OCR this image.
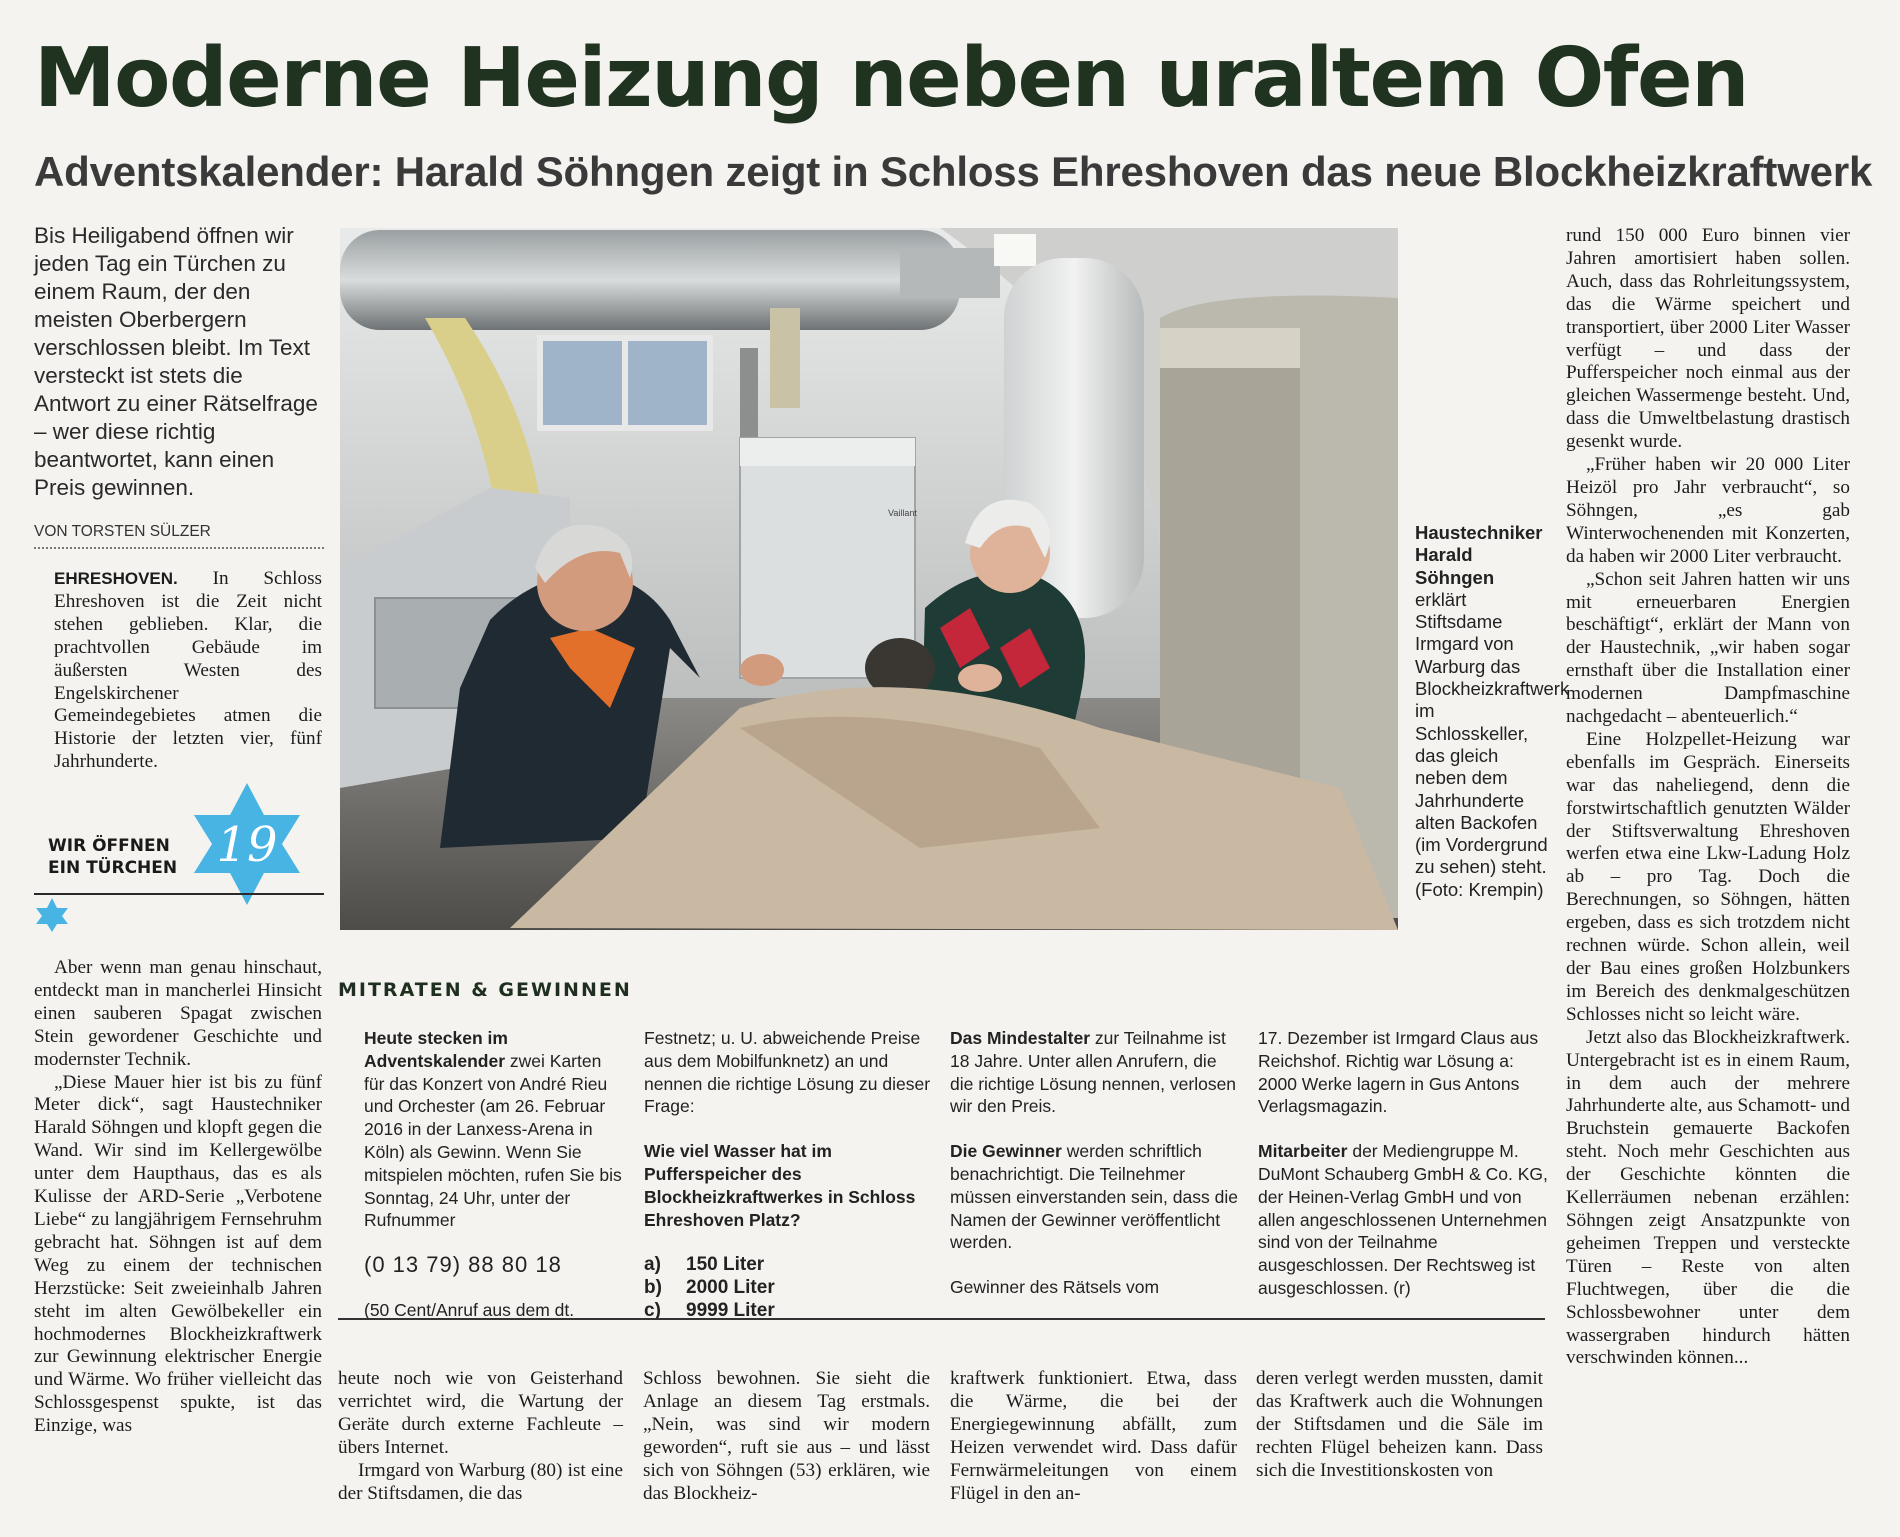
Moderne Heizung neben uraltem Ofen
Adventskalender: Harald Söhngen zeigt in Schloss Ehreshoven das neue Blockheizkraftwerk

Bis Heiligabend öffnen wir jeden Tag ein Türchen zu einem Raum, der den meisten Oberbergern verschlossen bleibt. Im Text versteckt ist stets die Antwort zu einer Rätselfrage – wer diese richtig beantwortet, kann einen Preis gewinnen.

VON TORSTEN SÜLZER

EHRESHOVEN. In Schloss Ehreshoven ist die Zeit nicht stehen geblieben. Klar, die prachtvollen Gebäude im äußersten Westen des Engelskirchener Gemeindegebietes atmen die Historie der letzten vier, fünf Jahrhunderte.

WIR ÖFFNEN
EIN TÜRCHEN 19

Aber wenn man genau hinschaut, entdeckt man in mancherlei Hinsicht einen sauberen Spagat zwischen Stein gewordener Geschichte und modernster Technik.

„Diese Mauer hier ist bis zu fünf Meter dick“, sagt Haustechniker Harald Söhngen und klopft gegen die Wand. Wir sind im Kellergewölbe unter dem Haupthaus, das es als Kulisse der ARD-Serie „Verbotene Liebe“ zu langjährigem Fernsehruhm gebracht hat. Söhngen ist auf dem Weg zu einem der technischen Herzstücke: Seit zweieinhalb Jahren steht im alten Gewölbekeller ein hochmodernes Blockheizkraftwerk zur Gewinnung elektrischer Energie und Wärme. Wo früher vielleicht das Schlossgespenst spukte, ist das Einzige, was

Vaillant
Haustechniker Harald Söhngen erklärt Stiftsdame Irmgard von Warburg das Blockheizkraftwerk im Schlosskeller, das gleich neben dem Jahrhunderte alten Backofen (im Vordergrund zu sehen) steht. (Foto: Krempin)
MITRATEN & GEWINNEN

Heute stecken im Adventskalender zwei Karten für das Konzert von André Rieu und Orchester (am 26. Februar 2016 in der Lanxess-Arena in Köln) als Gewinn. Wenn Sie mitspielen möchten, rufen Sie bis Sonntag, 24 Uhr, unter der Rufnummer

(0 13 79) 88 80 18

(50 Cent/Anruf aus dem dt.

Festnetz; u. U. abweichende Preise aus dem Mobilfunknetz) an und nennen die richtige Lösung zu dieser Frage:

Wie viel Wasser hat im Pufferspeicher des Blockheizkraftwerkes in Schloss Ehreshoven Platz?

a) 150 Liter
b) 2000 Liter
c) 9999 Liter

Das Mindestalter zur Teilnahme ist 18 Jahre. Unter allen Anrufern, die die richtige Lösung nennen, verlosen wir den Preis.

Die Gewinner werden schriftlich benachrichtigt. Die Teilnehmer müssen einverstanden sein, dass die Namen der Gewinner veröffentlicht werden.

Gewinner des Rätsels vom

17. Dezember ist Irmgard Claus aus Reichshof. Richtig war Lösung a: 2000 Werke lagern in Gus Antons Verlagsmagazin.

Mitarbeiter der Mediengruppe M. DuMont Schauberg GmbH & Co. KG, der Heinen-Verlag GmbH und von allen angeschlossenen Unternehmen sind von der Teilnahme ausgeschlossen. Der Rechtsweg ist ausgeschlossen. (r)

heute noch wie von Geisterhand verrichtet wird, die Wartung der Geräte durch externe Fachleute – übers Internet.

Irmgard von Warburg (80) ist eine der Stiftsdamen, die das

Schloss bewohnen. Sie sieht die Anlage an diesem Tag erstmals. „Nein, was sind wir modern geworden“, ruft sie aus – und lässt sich von Söhngen (53) erklären, wie das Blockheiz-

kraftwerk funktioniert. Etwa, dass die Wärme, die bei der Energiegewinnung abfällt, zum Heizen verwendet wird. Dass dafür Fernwärmeleitungen von einem Flügel in den an-

deren verlegt werden mussten, damit das Kraftwerk auch die Wohnungen der Stiftsdamen und die Säle im rechten Flügel beheizen kann. Dass sich die Investitionskosten von

rund 150 000 Euro binnen vier Jahren amortisiert haben sollen. Auch, dass das Rohrleitungssystem, das die Wärme speichert und transportiert, über 2000 Liter Wasser verfügt – und dass der Pufferspeicher noch einmal aus der gleichen Wassermenge besteht. Und, dass die Umweltbelastung drastisch gesenkt wurde.

„Früher haben wir 20 000 Liter Heizöl pro Jahr verbraucht“, so Söhngen, „es gab Winterwochenenden mit Konzerten, da haben wir 2000 Liter verbraucht.

„Schon seit Jahren hatten wir uns mit erneuerbaren Energien beschäftigt“, erklärt der Mann von der Haustechnik, „wir haben sogar ernsthaft über die Installation einer modernen Dampfmaschine nachgedacht – abenteuerlich.“

Eine Holzpellet-Heizung war ebenfalls im Gespräch. Einerseits war das naheliegend, denn die forstwirtschaftlich genutzten Wälder der Stiftsverwaltung Ehreshoven werfen etwa eine Lkw-Ladung Holz ab – pro Tag. Doch die Berechnungen, so Söhngen, hätten ergeben, dass es sich trotzdem nicht rechnen würde. Schon allein, weil der Bau eines großen Holzbunkers im Bereich des denkmalgeschützen Schlosses nicht so leicht wäre.

Jetzt also das Blockheizkraftwerk. Untergebracht ist es in einem Raum, in dem auch der mehrere Jahrhunderte alte, aus Schamott- und Bruchstein gemauerte Backofen steht. Noch mehr Geschichten aus der Geschichte könnten die Kellerräumen nebenan erzählen: Söhngen zeigt Ansatzpunkte von geheimen Treppen und versteckte Türen – Reste von alten Fluchtwegen, über die die Schlossbewohner unter dem wassergraben hindurch hätten verschwinden können...
